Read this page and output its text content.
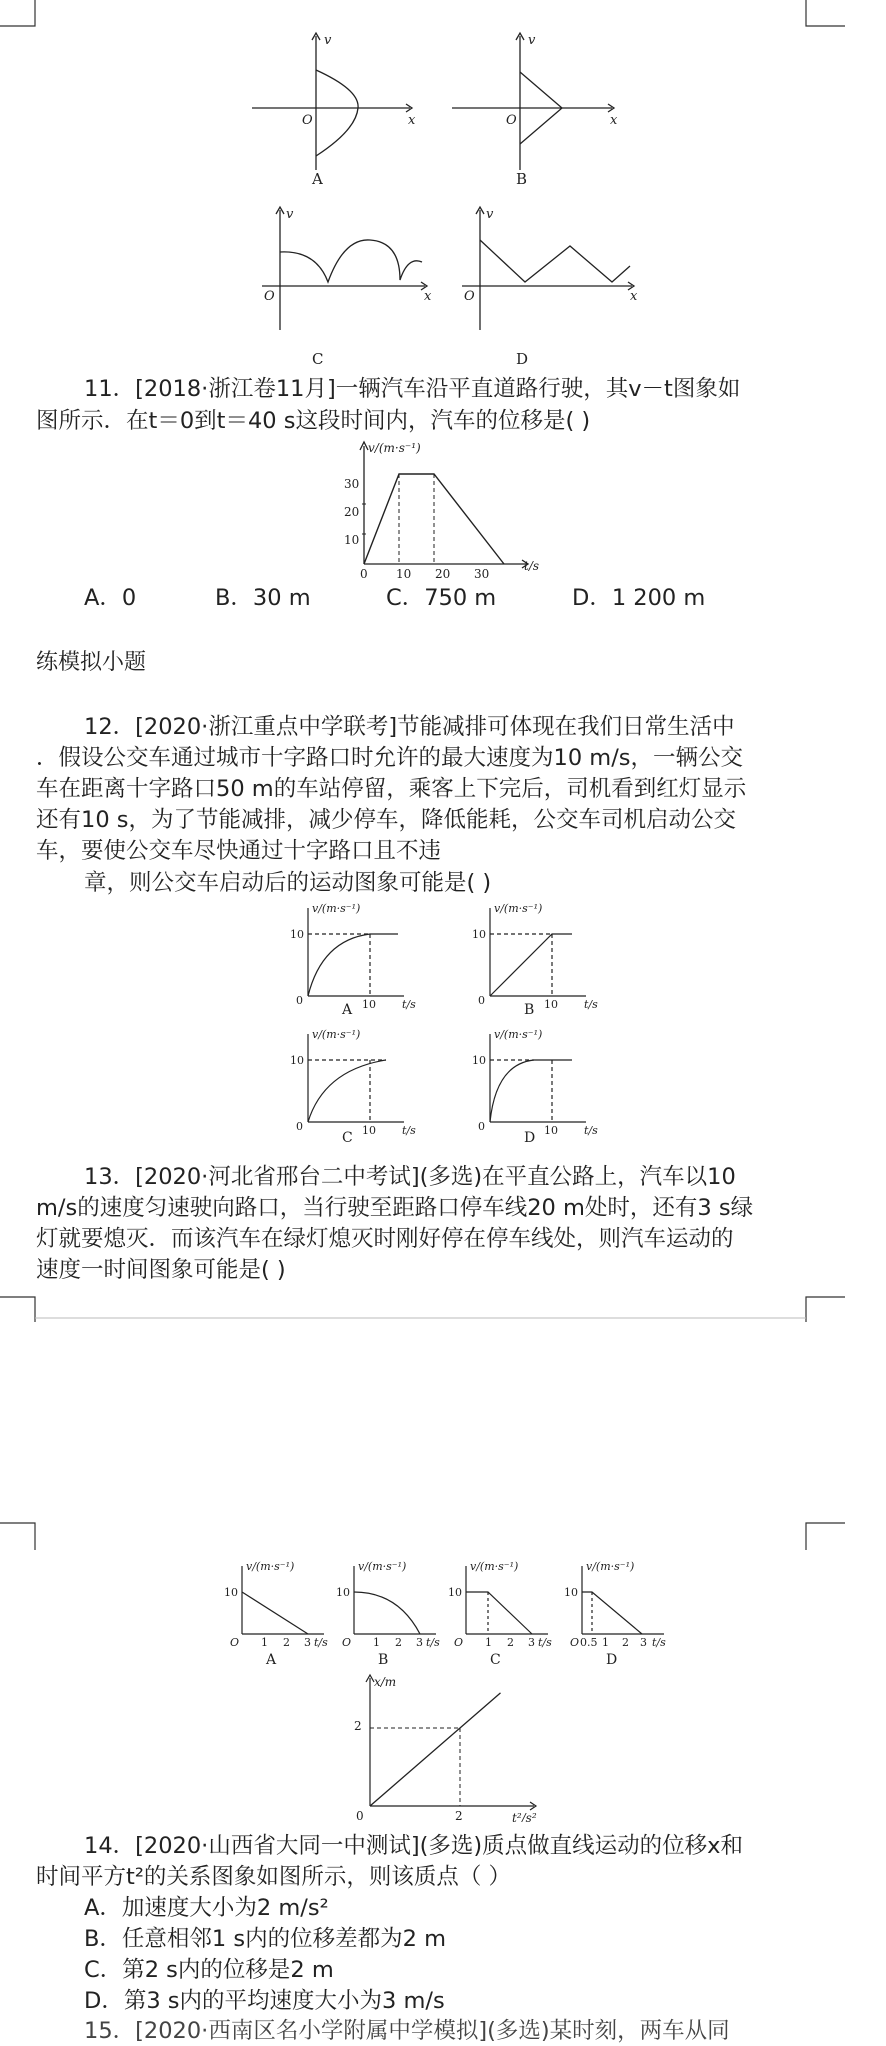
v
x
O
v
x
O
v
x
O
v
x
O
A	B
C	D
11．[2018·浙江卷11月]一辆汽车沿平直道路行驶，其v－t图象如
图所示．在t＝0到t＝40 s这段时间内，汽车的位移是( )
v/(m·s⁻¹)
t/s
10
20
30
0 10 20 30
A．0	B．30 m	C．750 m	D．1 200 m
练模拟小题
12．[2020·浙江重点中学联考]节能减排可体现在我们日常生活中
．假设公交车通过城市十字路口时允许的最大速度为10 m/s，一辆公交
车在距离十字路口50 m的车站停留，乘客上下完后，司机看到红灯显示
还有10 s，为了节能减排，减少停车，降低能耗，公交车司机启动公交
车，要使公交车尽快通过十字路口且不违
章，则公交车启动后的运动图象可能是( )
v/(m·s⁻¹)	v/(m·s⁻¹)
v/(m·s⁻¹)	v/(m·s⁻¹)
10	10
10	10
0	0
0	0
10	10
10	10
t/s	t/s
t/s	t/s
A	B
C	D
13．[2020·河北省邢台二中考试](多选)在平直公路上，汽车以10
m/s的速度匀速驶向路口，当行驶至距路口停车线20 m处时，还有3 s绿
灯就要熄灭．而该汽车在绿灯熄灭时刚好停在停车线处，则汽车运动的
速度一时间图象可能是( )
v/(m·s⁻¹)	v/(m·s⁻¹)	v/(m·s⁻¹)	v/(m·s⁻¹)
10	10	10	10
O	O	O	O
1 2 3	1 2 3	1 2 3	0.5 1 2 3
t/s	t/s	t/s	t/s
A	B	C	D
x/m
t²/s²
0
2
2
14．[2020·山西省大同一中测试](多选)质点做直线运动的位移x和
时间平方t²的关系图象如图所示，则该质点（ ）
A．加速度大小为2 m/s²
B．任意相邻1 s内的位移差都为2 m
C．第2 s内的位移是2 m
D．第3 s内的平均速度大小为3 m/s
15．[2020·西南区名小学附属中学模拟](多选)某时刻，两车从同
